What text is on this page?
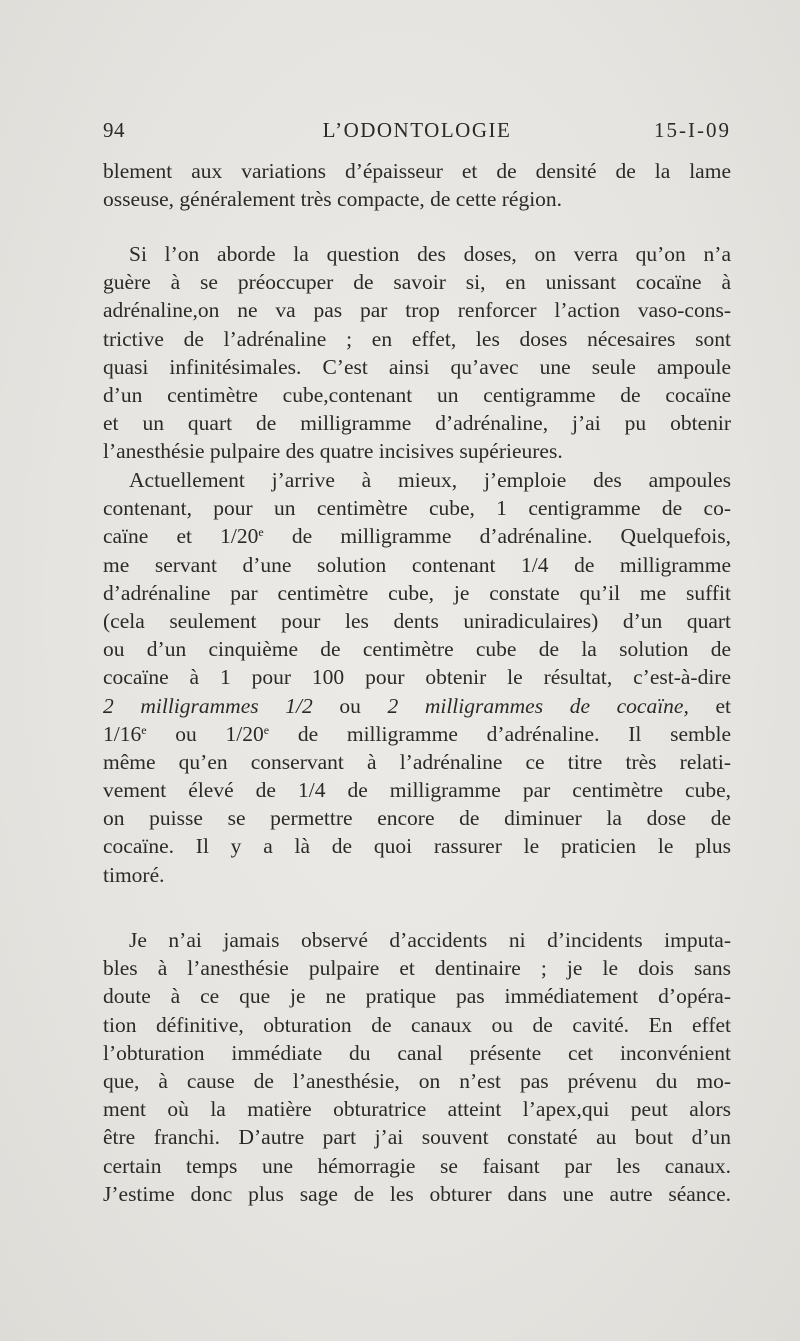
94	L’ODONTOLOGIE	15-I-09
blement aux variations d’épaisseur et de densité de la lame
osseuse, généralement très compacte, de cette région.
Si l’on aborde la question des doses, on verra qu’on n’a
guère à se préoccuper de savoir si, en unissant cocaïne à
adrénaline,on ne va pas par trop renforcer l’action vaso-cons-
trictive de l’adrénaline ; en effet, les doses nécesaires sont
quasi infinitésimales. C’est ainsi qu’avec une seule ampoule
d’un centimètre cube,contenant un centigramme de cocaïne
et un quart de milligramme d’adrénaline, j’ai pu obtenir
l’anesthésie pulpaire des quatre incisives supérieures.
Actuellement j’arrive à mieux, j’emploie des ampoules
contenant, pour un centimètre cube, 1 centigramme de co-
caïne et 1/20e de milligramme d’adrénaline. Quelquefois,
me servant d’une solution contenant 1/4 de milligramme
d’adrénaline par centimètre cube, je constate qu’il me suffit
(cela seulement pour les dents uniradiculaires) d’un quart
ou d’un cinquième de centimètre cube de la solution de
cocaïne à 1 pour 100 pour obtenir le résultat, c’est-à-dire
2 milligrammes 1/2 ou 2 milligrammes de cocaïne, et
1/16e ou 1/20e de milligramme d’adrénaline. Il semble
même qu’en conservant à l’adrénaline ce titre très relati-
vement élevé de 1/4 de milligramme par centimètre cube,
on puisse se permettre encore de diminuer la dose de
cocaïne. Il y a là de quoi rassurer le praticien le plus
timoré.
Je n’ai jamais observé d’accidents ni d’incidents imputa-
bles à l’anesthésie pulpaire et dentinaire ; je le dois sans
doute à ce que je ne pratique pas immédiatement d’opéra-
tion définitive, obturation de canaux ou de cavité. En effet
l’obturation immédiate du canal présente cet inconvénient
que, à cause de l’anesthésie, on n’est pas prévenu du mo-
ment où la matière obturatrice atteint l’apex,qui peut alors
être franchi. D’autre part j’ai souvent constaté au bout d’un
certain temps une hémorragie se faisant par les canaux.
J’estime donc plus sage de les obturer dans une autre séance.
